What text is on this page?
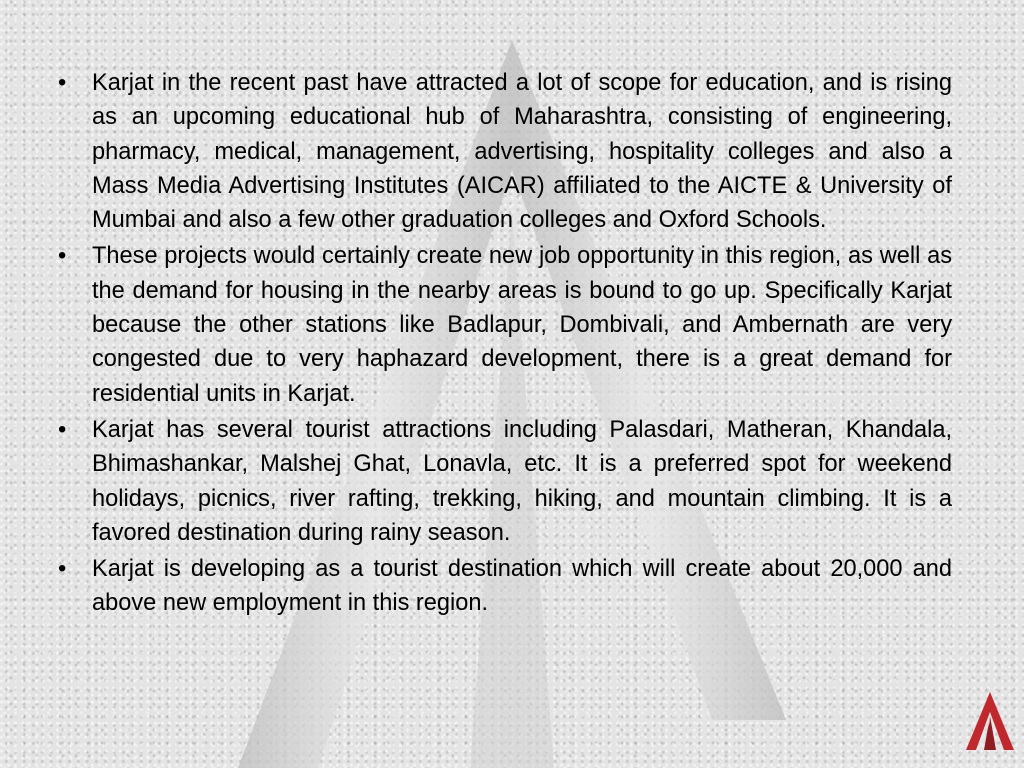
• Karjat in the recent past have attracted a lot of scope for education, and is rising as an upcoming educational hub of Maharashtra, consisting of engineering, pharmacy, medical, management, advertising, hospitality colleges and also a Mass Media Advertising Institutes (AICAR) affiliated to the AICTE & University of Mumbai and also a few other graduation colleges and Oxford Schools.
• These projects would certainly create new job opportunity in this region, as well as the demand for housing in the nearby areas is bound to go up. Specifically Karjat because the other stations like Badlapur, Dombivali, and Ambernath are very congested due to very haphazard development, there is a great demand for residential units in Karjat.
• Karjat has several tourist attractions including Palasdari, Matheran, Khandala, Bhimashankar, Malshej Ghat, Lonavla, etc. It is a preferred spot for weekend holidays, picnics, river rafting, trekking, hiking, and mountain climbing. It is a favored destination during rainy season.
• Karjat is developing as a tourist destination which will create about 20,000 and above new employment in this region.
